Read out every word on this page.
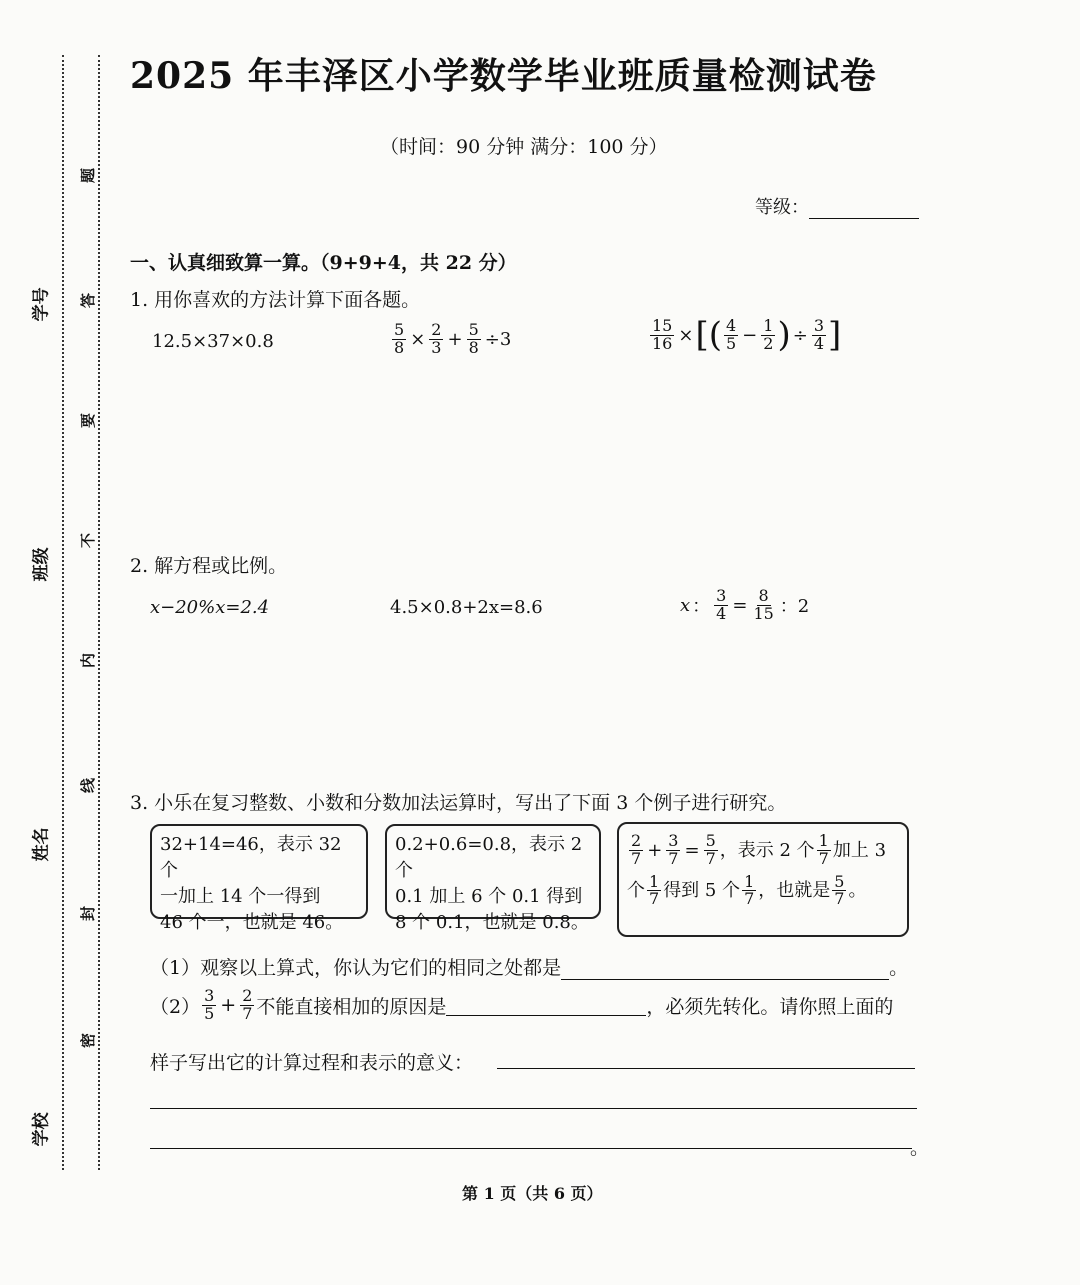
学号
班级
姓名
学校
题
答
要
不
内
线
封
密
2025 年丰泽区小学数学毕业班质量检测试卷
（时间：90 分钟 满分：100 分）
等级：
一、认真细致算一算。（9+9+4，共 22 分）
1. 用你喜欢的方法计算下面各题。
12.5×37×0.8	$\frac{5}{8} \times \frac{2}{3} + \frac{5}{8} \div 3$	$\frac{15}{16}$ × [ ( $\frac{4}{5} - \frac{1}{2}$ ) ÷ $\frac{3}{4}$ ]
2. 解方程或比例。
x−20%x=2.4	4.5×0.8+2x=8.6	x ： $\frac{3}{4} = \frac{8}{15}$ ：2
3. 小乐在复习整数、小数和分数加法运算时，写出了下面 3 个例子进行研究。
32+14=46，表示 32 个
一加上 14 个一得到
46 个一，也就是 46。
0.2+0.6=0.8，表示 2 个
0.1 加上 6 个 0.1 得到
8 个 0.1，也就是 0.8。
$\frac{2}{7} + \frac{3}{7} = \frac{5}{7}$ ，表示 2 个 $\frac{1}{7}$ 加上 3

个 $\frac{1}{7}$ 得到 5 个 $\frac{1}{7}$ ，也就是 $\frac{5}{7}$ 。
（1）观察以上算式，你认为它们的相同之处都是	。
$(2) \frac{3}{5} + \frac{2}{7}$ 不能直接相加的原因是	，必须先转化。请你照上面的
样子写出它的计算过程和表示的意义：
。
第 1 页（共 6 页）
